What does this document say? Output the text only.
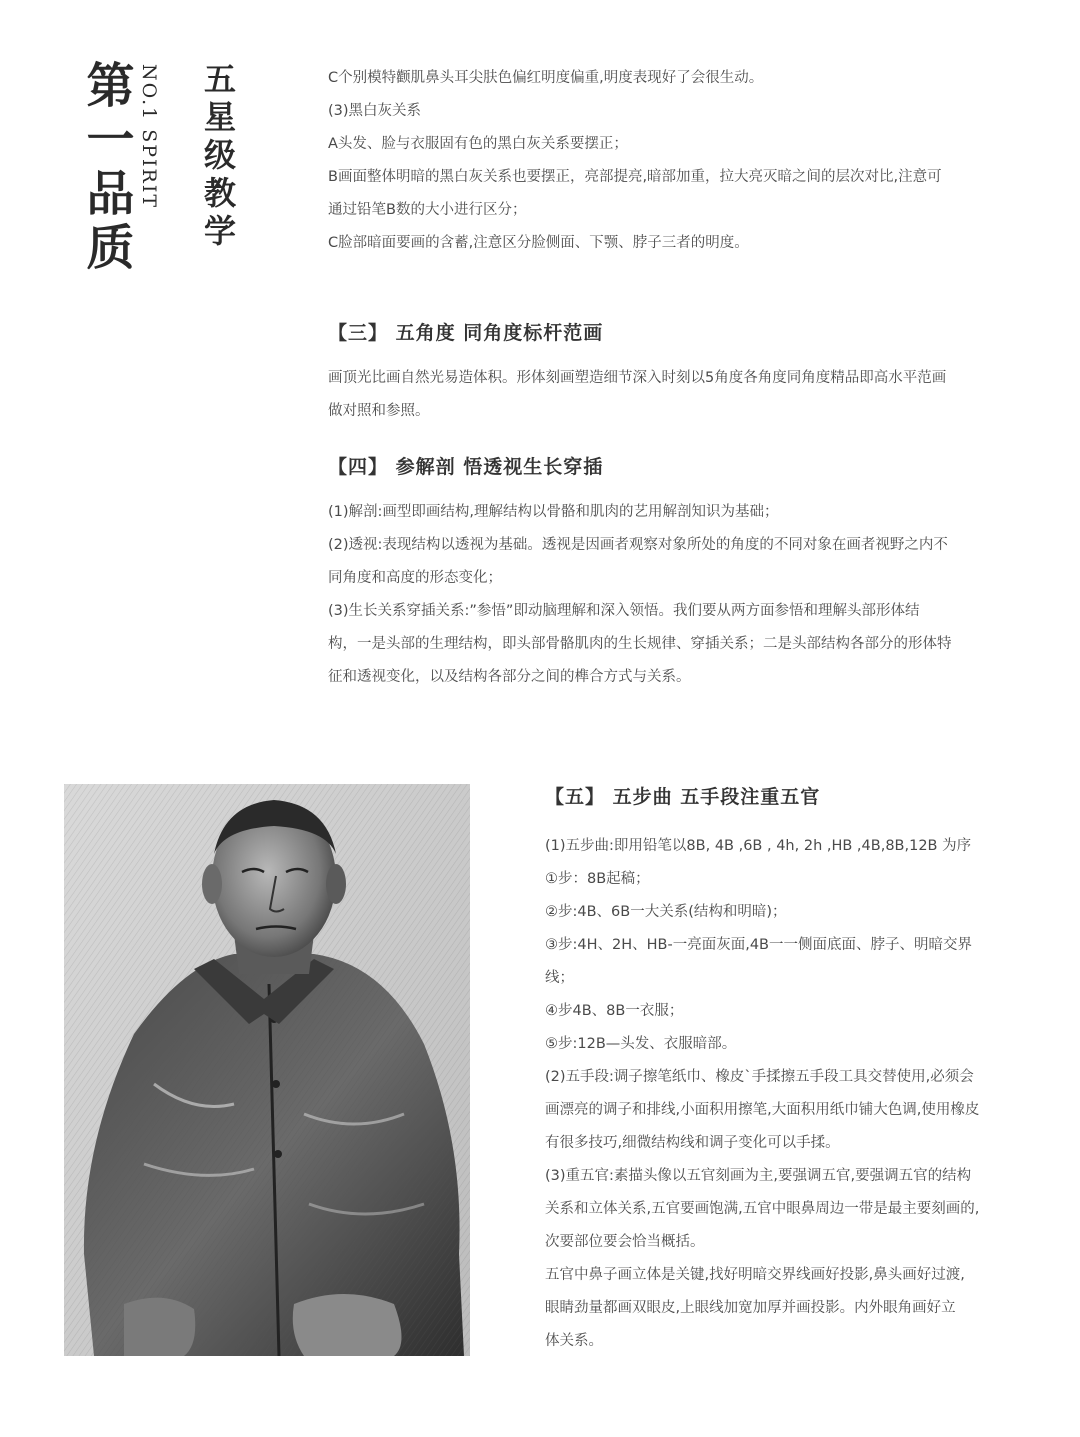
第一品质 NO.1 SPIRIT 五星级教学	C个别模特颧肌鼻头耳尖肤色偏红明度偏重,明度表现好了会很生动。

(3)黑白灰关系

A头发、脸与衣服固有色的黑白灰关系要摆正；

B画面整体明暗的黑白灰关系也要摆正，亮部提亮,暗部加重，拉大亮灭暗之间的层次对比,注意可

通过铅笔B数的大小进行区分；

C脸部暗面要画的含蓄,注意区分脸侧面、下颚、脖子三者的明度。

【三】 五角度 同角度标杆范画

画顶光比画自然光易造体积。形体刻画塑造细节深入时刻以5角度各角度同角度精品即高水平范画

做对照和参照。

【四】 参解剖 悟透视生长穿插

(1)解剖:画型即画结构,理解结构以骨骼和肌肉的艺用解剖知识为基础；

(2)透视:表现结构以透视为基础。透视是因画者观察对象所处的角度的不同对象在画者视野之内不

同角度和高度的形态变化；

(3)生长关系穿插关系:”参悟”即动脑理解和深入领悟。我们要从两方面参悟和理解头部形体结

构，一是头部的生理结构，即头部骨骼肌肉的生长规律、穿插关系；二是头部结构各部分的形体特

征和透视变化，以及结构各部分之间的榫合方式与关系。

【五】 五步曲 五手段注重五官

(1)五步曲:即用铅笔以8B, 4B ,6B , 4h, 2h ,HB ,4B,8B,12B 为序

①步：8B起稿；

②步:4B、6B一大关系(结构和明暗)；

③步:4H、2H、HB-一亮面灰面,4B一一侧面底面、脖子、明暗交界

线；

④步4B、8B一衣服；

⑤步:12B—头发、衣服暗部。

(2)五手段:调子擦笔纸巾、橡皮`手揉擦五手段工具交替使用,必须会

画漂亮的调子和排线,小面积用擦笔,大面积用纸巾铺大色调,使用橡皮

有很多技巧,细微结构线和调子变化可以手揉。

(3)重五官:素描头像以五官刻画为主,要强调五官,要强调五官的结构

关系和立体关系,五官要画饱满,五官中眼鼻周边一带是最主要刻画的,

次要部位要会恰当概括。

五官中鼻子画立体是关键,找好明暗交界线画好投影,鼻头画好过渡,

眼睛劲量都画双眼皮,上眼线加宽加厚并画投影。内外眼角画好立

体关系。
